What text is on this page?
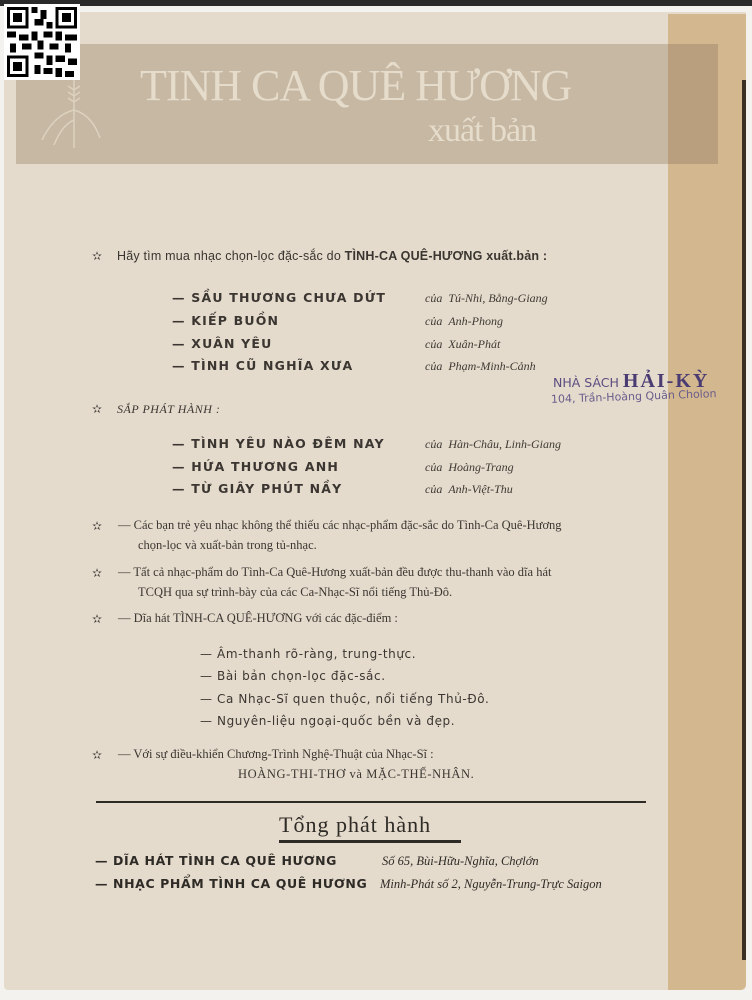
TINH CA QUÊ HƯƠNG
xuất bản
✫ Hãy tìm mua nhạc chọn-lọc đặc-sắc do TÌNH-CA QUÊ-HƯƠNG xuất.bản :
— SẦU THƯƠNG CHƯA DỨT	của Tú-Nhi, Bằng-Giang
— KIẾP BUỒN	của Anh-Phong
— XUÂN YÊU	của Xuân-Phát
— TÌNH CŨ NGHĨA XƯA	của Phạm-Minh-Cảnh
NHÀ SÁCH HẢI-KỲ
104, Trần-Hoàng Quân Cholon
✫ SẮP PHÁT HÀNH :
— TÌNH YÊU NÀO ĐÊM NAY	của Hàn-Châu, Linh-Giang
— HỨA THƯƠNG ANH	của Hoàng-Trang
— TỪ GIÂY PHÚT NẦY	của Anh-Việt-Thu
✫ — Các bạn trẻ yêu nhạc không thể thiếu các nhạc-phẩm đặc-sắc do Tình-Ca Quê-Hương
chọn-lọc và xuất-bản trong tủ-nhạc.
✫ — Tất cả nhạc-phẩm do Tình-Ca Quê-Hương xuất-bản đều được thu-thanh vào dĩa hát
TCQH qua sự trình-bày của các Ca-Nhạc-Sĩ nổi tiếng Thủ-Đô.
✫ — Dĩa hát TÌNH-CA QUÊ-HƯƠNG với các đặc-điểm :
— Âm-thanh rõ-ràng, trung-thực.
— Bài bản chọn-lọc đặc-sắc.
— Ca Nhạc-Sĩ quen thuộc, nổi tiếng Thủ-Đô.
— Nguyên-liệu ngoại-quốc bền và đẹp.
✫ — Với sự điều-khiển Chương-Trình Nghệ-Thuật của Nhạc-Sĩ :
HOÀNG-THI-THƠ và MẶC-THẾ-NHÂN.
Tổng phát hành
— DĨA HÁT TÌNH CA QUÊ HƯƠNG	Số 65, Bùi-Hữu-Nghĩa, Chợlớn
— NHẠC PHẨM TÌNH CA QUÊ HƯƠNG Minh-Phát số 2, Nguyễn-Trung-Trực Saigon
